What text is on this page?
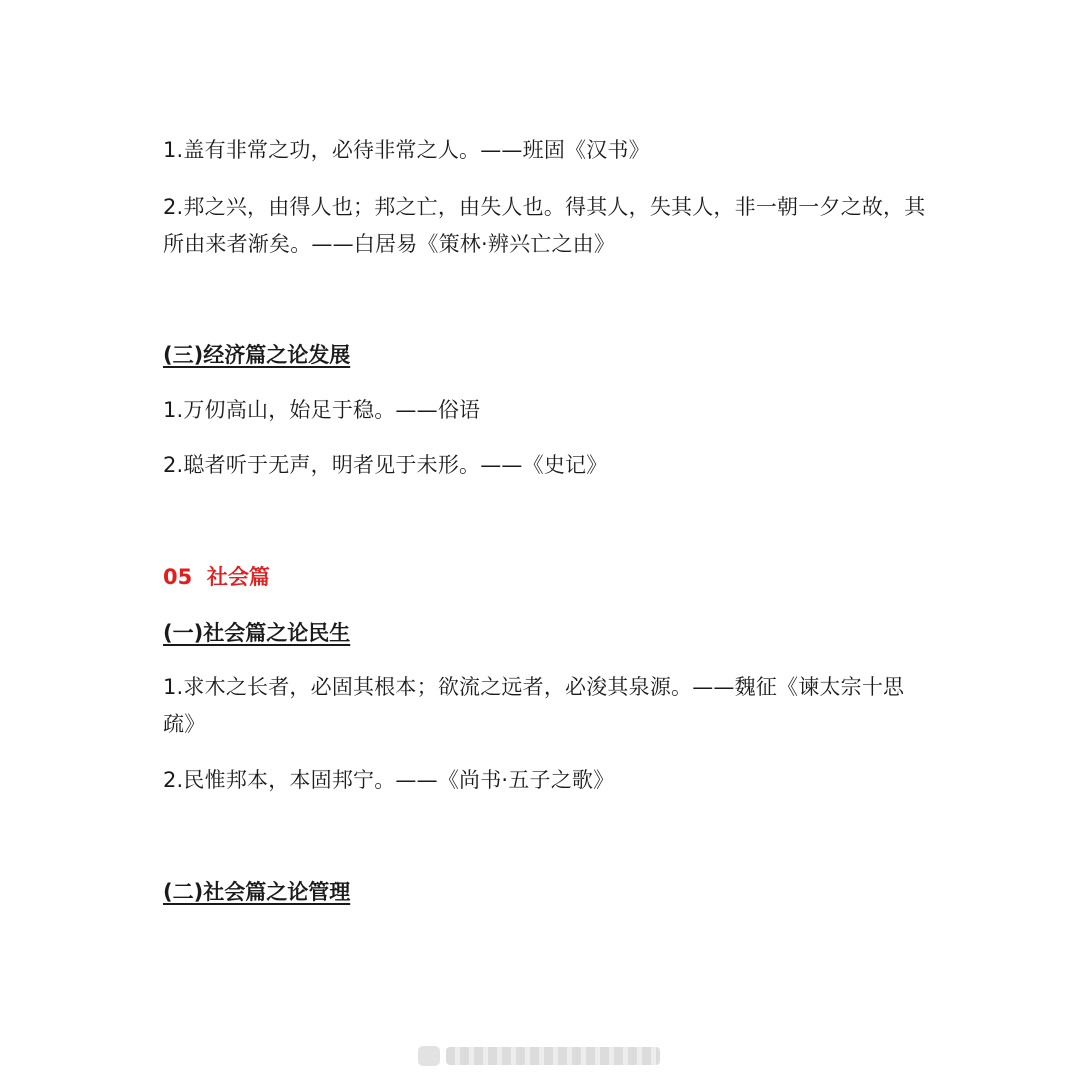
1.盖有非常之功，必待非常之人。——班固《汉书》

2.邦之兴，由得人也；邦之亡，由失人也。得其人，失其人，非一朝一夕之故，其所由来者渐矣。——白居易《策林·辨兴亡之由》

(三)经济篇之论发展

1.万仞高山，始足于稳。——俗语

2.聪者听于无声，明者见于未形。——《史记》

05  社会篇
(一)社会篇之论民生

1.求木之长者，必固其根本；欲流之远者，必浚其泉源。——魏征《谏太宗十思疏》

2.民惟邦本，本固邦宁。——《尚书·五子之歌》

(二)社会篇之论管理
